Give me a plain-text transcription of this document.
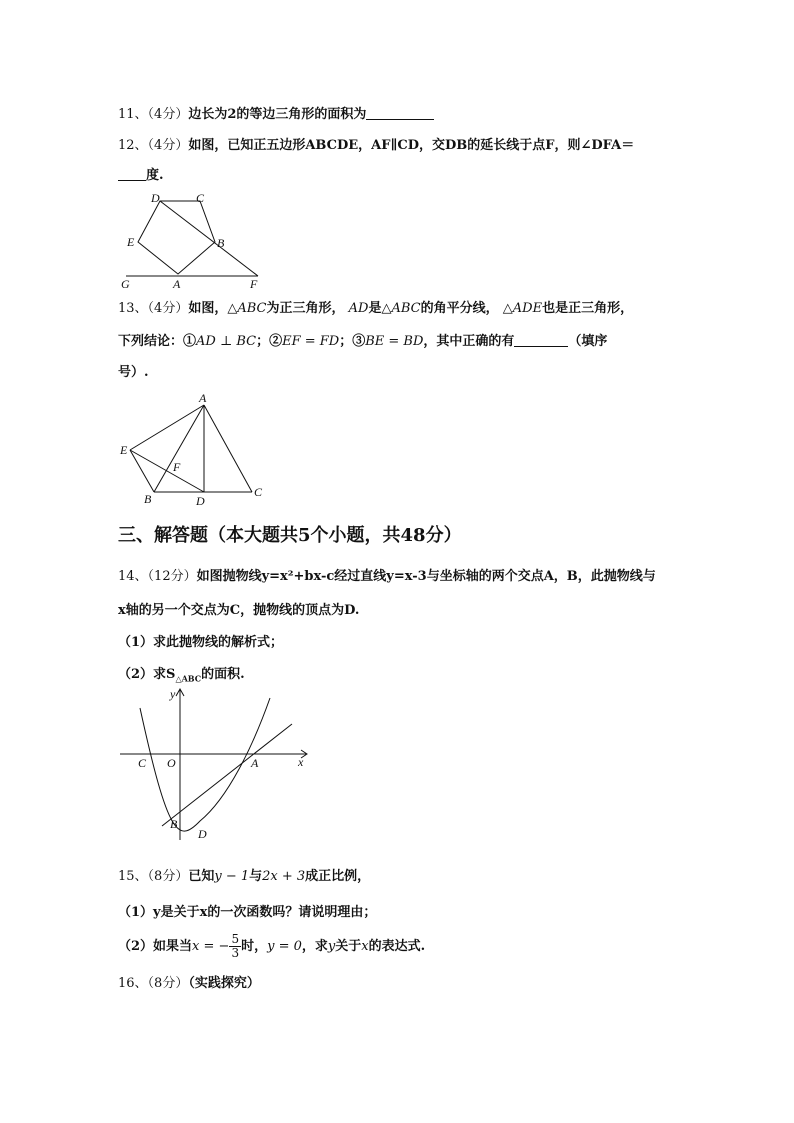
11、（4分）边长为2的等边三角形的面积为
12、（4分）如图，已知正五边形ABCDE，AF∥CD，交DB的延长线于点F，则∠DFA＝
度.
D	C
E	B
G	A	F
13、（4分）如图，△ABC为正三角形， AD是△ABC的角平分线， △ADE也是正三角形，
下列结论：①AD ⊥ BC；②EF = FD；③BE = BD，其中正确的有	（填序
号）.
A
E
F
B	D
C
三、解答题（本大题共5个小题，共48分）
14、（12分）如图抛物线y=x²+bx-c经过直线y=x-3与坐标轴的两个交点A，B，此抛物线与
x轴的另一个交点为C，抛物线的顶点为D.
（1）求此抛物线的解析式；
（2）求$S_{\triangle ABC}$的面积.
y
x
C O	A
B
D
15、（8分）已知y − 1与2x + 3成正比例，
（1）y是关于x的一次函数吗？请说明理由；
（2）如果当x = − $\frac{5}{3}$ 时，y = 0，求y关于x的表达式.
16、（8分）（实践探究）
